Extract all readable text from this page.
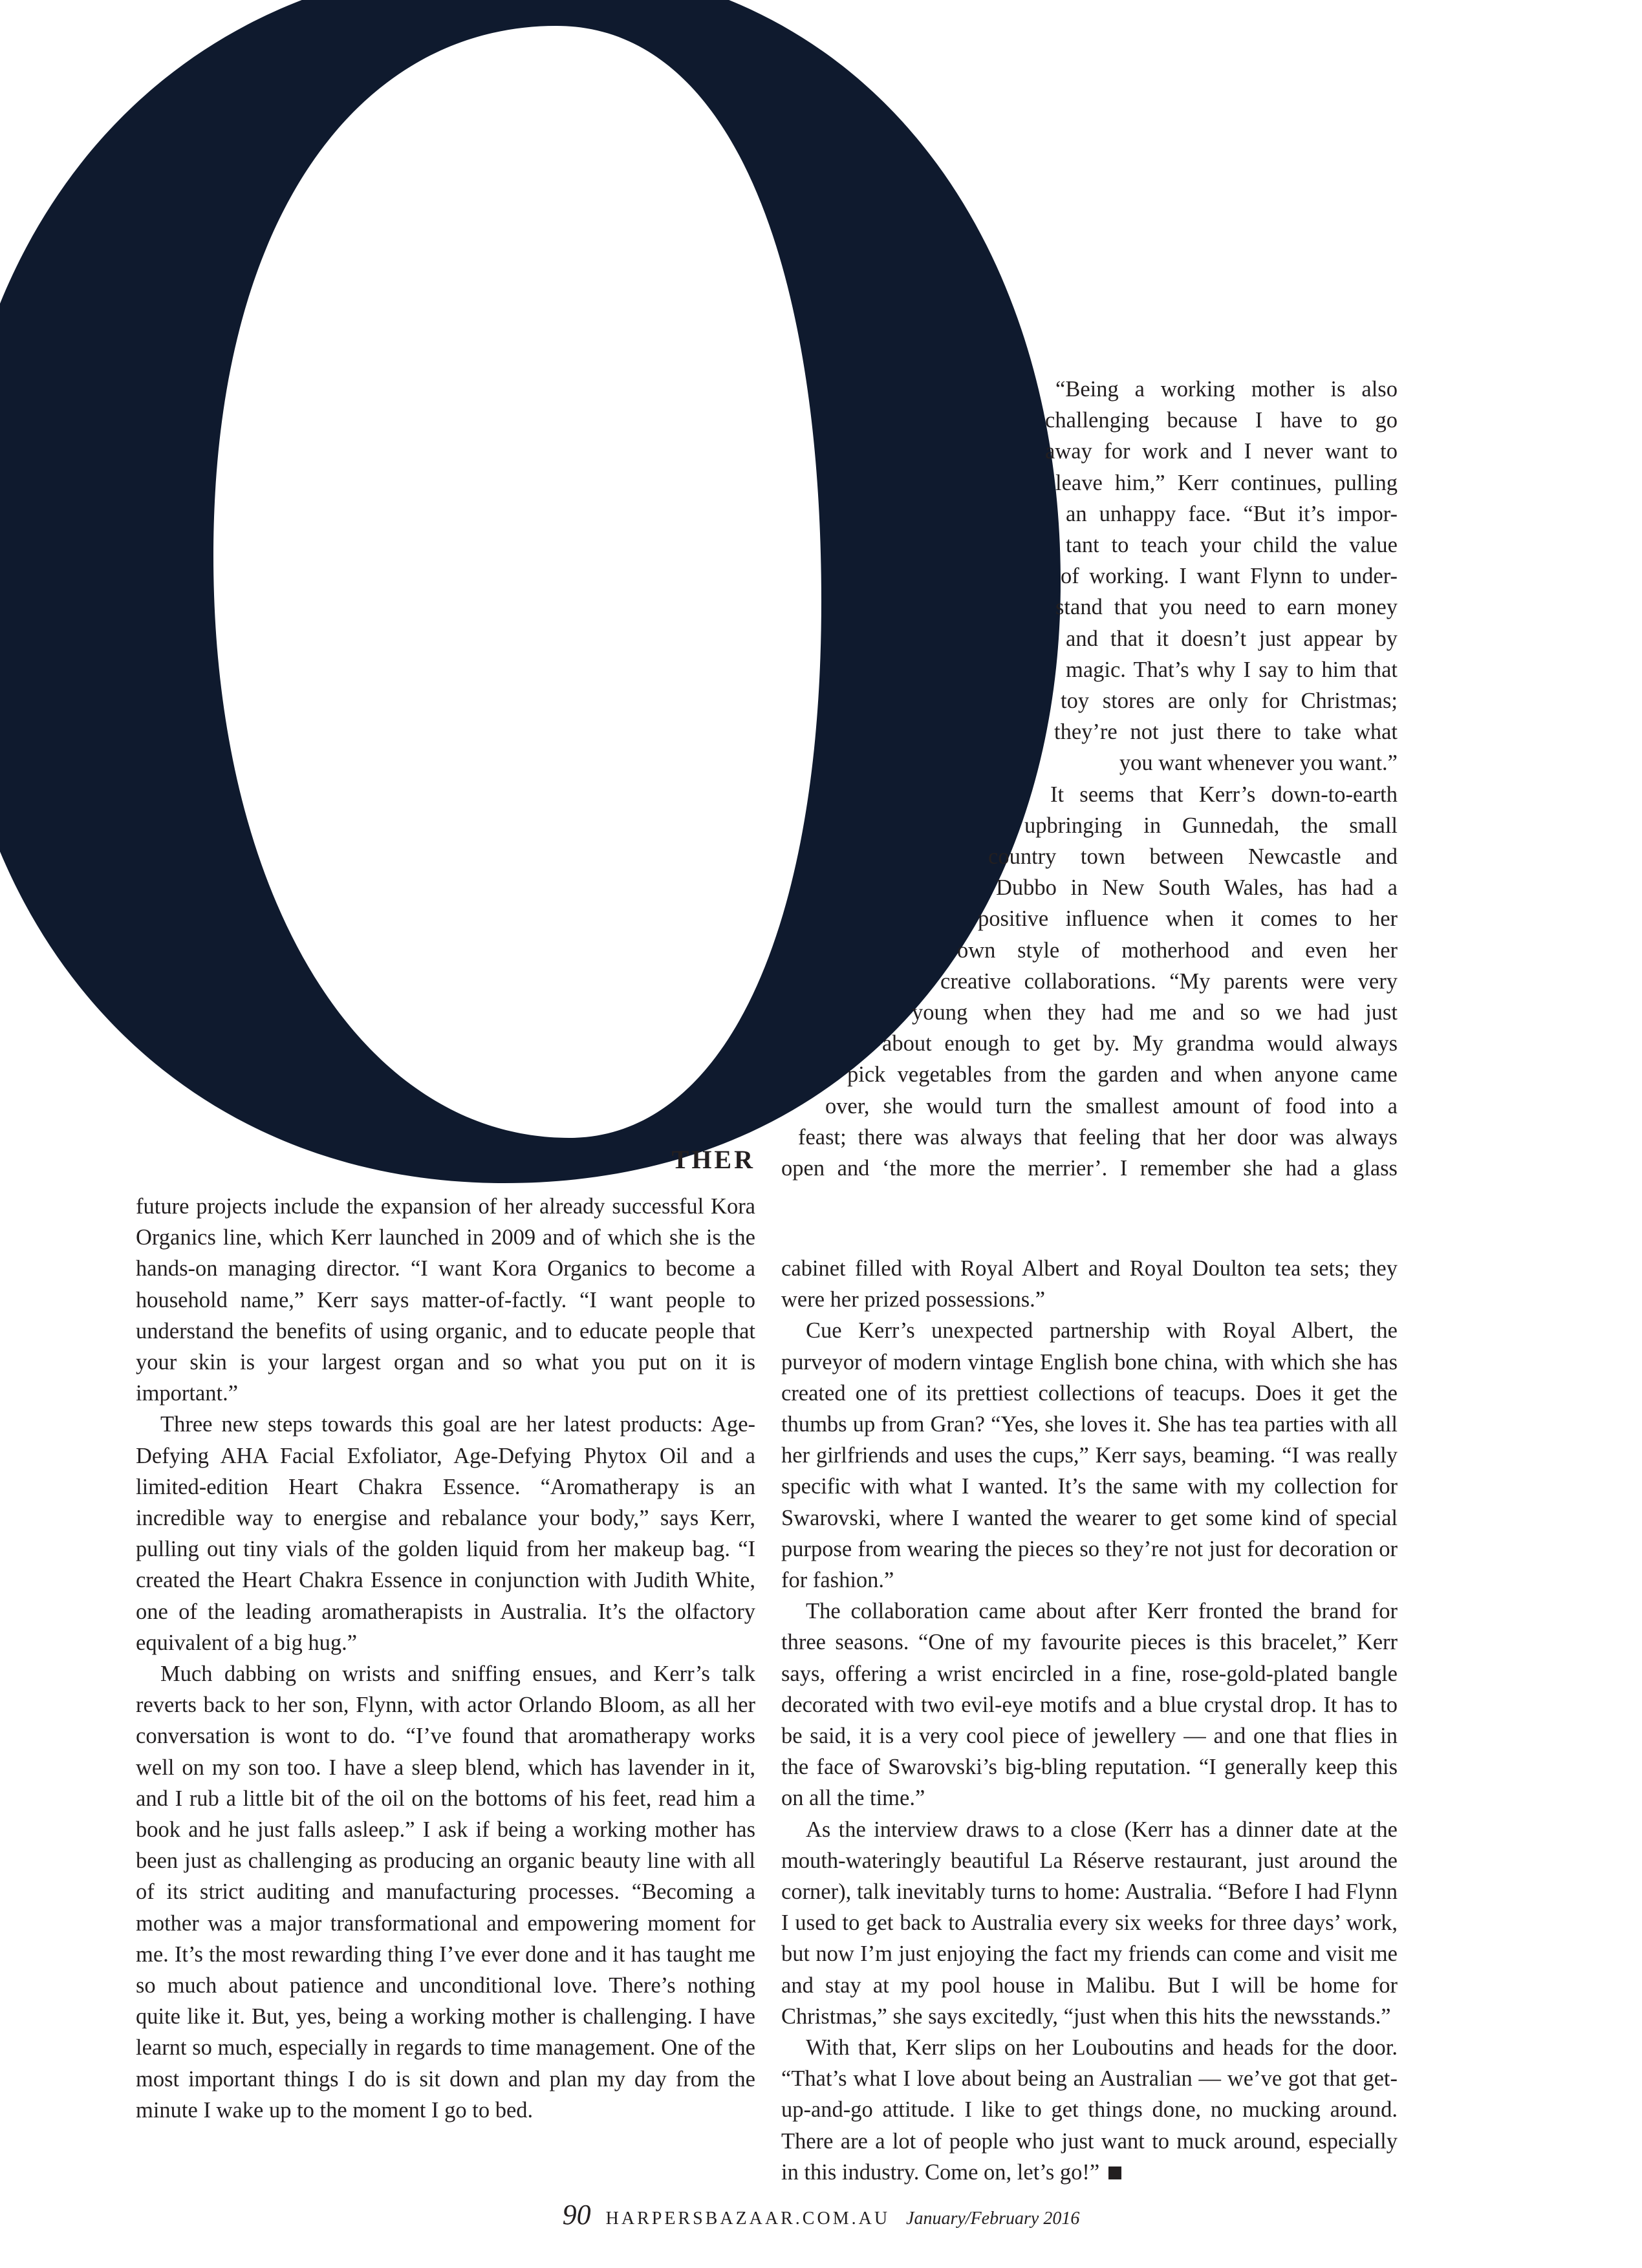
THER

future projects include the expansion of her already successful Kora Organics line, which Kerr launched in 2009 and of which she is the hands-on managing director. “I want Kora Organics to become a household name,” Kerr says matter-of-factly. “I want people to understand the benefits of using organic, and to educate people that your skin is your largest organ and so what you put on it is important.”

Three new steps towards this goal are her latest products: Age-Defying AHA Facial Exfoliator, Age-Defying Phytox Oil and a limited-edition Heart Chakra Essence. “Aromatherapy is an incredible way to energise and rebalance your body,” says Kerr, pulling out tiny vials of the golden liquid from her makeup bag. “I created the Heart Chakra Essence in conjunction with Judith White, one of the leading aromatherapists in Australia. It’s the olfactory equivalent of a big hug.”

Much dabbing on wrists and sniffing ensues, and Kerr’s talk reverts back to her son, Flynn, with actor Orlando Bloom, as all her conversation is wont to do. “I’ve found that aromatherapy works well on my son too. I have a sleep blend, which has lavender in it, and I rub a little bit of the oil on the bottoms of his feet, read him a book and he just falls asleep.” I ask if being a working mother has been just as challenging as producing an organic beauty line with all of its strict auditing and manufacturing processes. “Becoming a mother was a major transformational and empowering moment for me. It’s the most rewarding thing I’ve ever done and it has taught me so much about patience and unconditional love. There’s nothing quite like it. But, yes, being a working mother is challenging. I have learnt so much, especially in regards to time management. One of the most important things I do is sit down and plan my day from the minute I wake up to the moment I go to bed.

“Being a working mother is also
challenging because I have to go
away for work and I never want to
leave him,” Kerr continues, pulling
an unhappy face. “But it’s impor-
tant to teach your child the value
of working. I want Flynn to under-
stand that you need to earn money
and that it doesn’t just appear by
magic. That’s why I say to him that
toy stores are only for Christmas;
they’re not just there to take what
you want whenever you want.”
It seems that Kerr’s down-to-earth
upbringing in Gunnedah, the small
country town between Newcastle and
Dubbo in New South Wales, has had a
positive influence when it comes to her
own style of motherhood and even her
creative collaborations. “My parents were very
young when they had me and so we had just
about enough to get by. My grandma would always
pick vegetables from the garden and when anyone came
over, she would turn the smallest amount of food into a
feast; there was always that feeling that her door was always
open and ‘the more the merrier’. I remember she had a glass

cabinet filled with Royal Albert and Royal Doulton tea sets; they were her prized possessions.”

Cue Kerr’s unexpected partnership with Royal Albert, the purveyor of modern vintage English bone china, with which she has created one of its prettiest collections of teacups. Does it get the thumbs up from Gran? “Yes, she loves it. She has tea parties with all her girlfriends and uses the cups,” Kerr says, beaming. “I was really specific with what I wanted. It’s the same with my collection for Swarovski, where I wanted the wearer to get some kind of special purpose from wearing the pieces so they’re not just for decoration or for fashion.”

The collaboration came about after Kerr fronted the brand for three seasons. “One of my favourite pieces is this bracelet,” Kerr says, offering a wrist encircled in a fine, rose-gold-plated bangle decorated with two evil-eye motifs and a blue crystal drop. It has to be said, it is a very cool piece of jewellery — and one that flies in the face of Swarovski’s big-bling reputation. “I generally keep this on all the time.”

As the interview draws to a close (Kerr has a dinner date at the mouth-wateringly beautiful La Réserve restaurant, just around the corner), talk inevitably turns to home: Australia. “Before I had Flynn I used to get back to Australia every six weeks for three days’ work, but now I’m just enjoying the fact my friends can come and visit me and stay at my pool house in Malibu. But I will be home for Christmas,” she says excitedly, “just when this hits the newsstands.”

With that, Kerr slips on her Louboutins and heads for the door. “That’s what I love about being an Australian — we’ve got that get-up-and-go attitude. I like to get things done, no mucking around. There are a lot of people who just want to muck around, especially in this industry. Come on, let’s go!”

90 HARPERSBAZAAR.COM.AU January/February 2016
